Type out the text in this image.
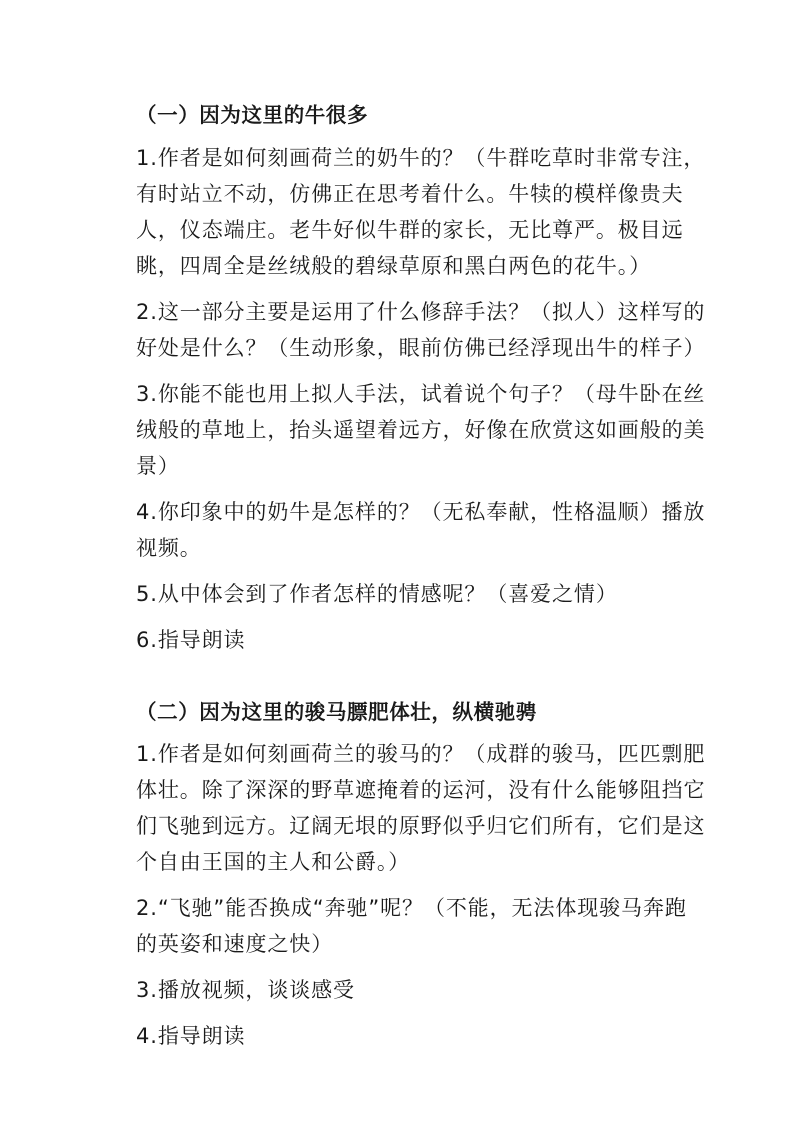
（一）因为这里的牛很多

1.作者是如何刻画荷兰的奶牛的？（牛群吃草时非常专注，有时站立不动，仿佛正在思考着什么。牛犊的模样像贵夫人，仪态端庄。老牛好似牛群的家长，无比尊严。极目远眺，四周全是丝绒般的碧绿草原和黑白两色的花牛。）

2.这一部分主要是运用了什么修辞手法？（拟人）这样写的好处是什么？（生动形象，眼前仿佛已经浮现出牛的样子）

3.你能不能也用上拟人手法，试着说个句子？（母牛卧在丝绒般的草地上，抬头遥望着远方，好像在欣赏这如画般的美景）

4.你印象中的奶牛是怎样的？（无私奉献，性格温顺）播放视频。

5.从中体会到了作者怎样的情感呢？（喜爱之情）

6.指导朗读

（二）因为这里的骏马膘肥体壮，纵横驰骋

1.作者是如何刻画荷兰的骏马的？（成群的骏马，匹匹剽肥体壮。除了深深的野草遮掩着的运河，没有什么能够阻挡它们飞驰到远方。辽阔无垠的原野似乎归它们所有，它们是这个自由王国的主人和公爵。）

2.“飞驰”能否换成“奔驰”呢？（不能，无法体现骏马奔跑的英姿和速度之快）

3.播放视频，谈谈感受

4.指导朗读
